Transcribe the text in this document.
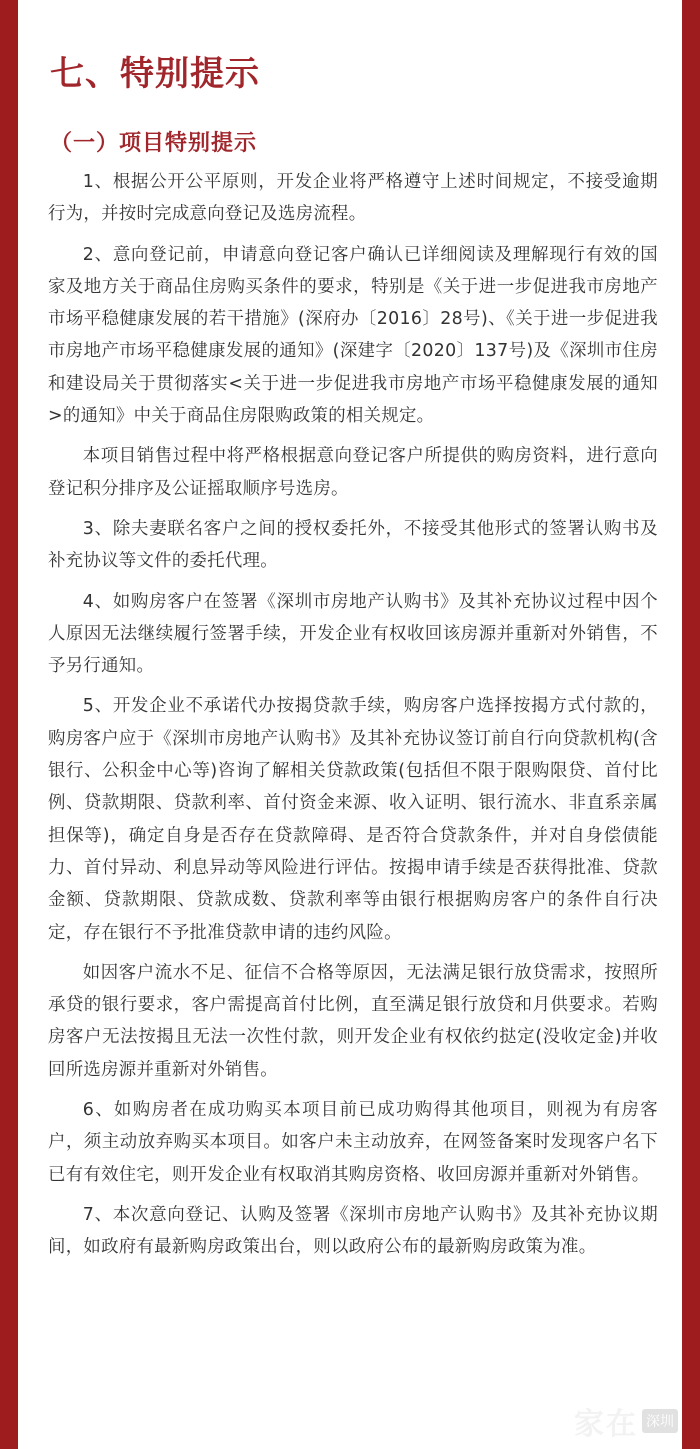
七、特别提示
（一）项目特别提示

1、根据公开公平原则，开发企业将严格遵守上述时间规定，不接受逾期行为，并按时完成意向登记及选房流程。

2、意向登记前，申请意向登记客户确认已详细阅读及理解现行有效的国家及地方关于商品住房购买条件的要求，特别是《关于进一步促进我市房地产市场平稳健康发展的若干措施》(深府办〔2016〕28号)、《关于进一步促进我市房地产市场平稳健康发展的通知》(深建字〔2020〕137号)及《深圳市住房和建设局关于贯彻落实<关于进一步促进我市房地产市场平稳健康发展的通知>的通知》中关于商品住房限购政策的相关规定。

本项目销售过程中将严格根据意向登记客户所提供的购房资料，进行意向登记积分排序及公证摇取顺序号选房。

3、除夫妻联名客户之间的授权委托外，不接受其他形式的签署认购书及补充协议等文件的委托代理。

4、如购房客户在签署《深圳市房地产认购书》及其补充协议过程中因个人原因无法继续履行签署手续，开发企业有权收回该房源并重新对外销售，不予另行通知。

5、开发企业不承诺代办按揭贷款手续，购房客户选择按揭方式付款的，购房客户应于《深圳市房地产认购书》及其补充协议签订前自行向贷款机构(含银行、公积金中心等)咨询了解相关贷款政策(包括但不限于限购限贷、首付比例、贷款期限、贷款利率、首付资金来源、收入证明、银行流水、非直系亲属担保等)，确定自身是否存在贷款障碍、是否符合贷款条件，并对自身偿债能力、首付异动、利息异动等风险进行评估。按揭申请手续是否获得批准、贷款金额、贷款期限、贷款成数、贷款利率等由银行根据购房客户的条件自行决定，存在银行不予批准贷款申请的违约风险。

如因客户流水不足、征信不合格等原因，无法满足银行放贷需求，按照所承贷的银行要求，客户需提高首付比例，直至满足银行放贷和月供要求。若购房客户无法按揭且无法一次性付款，则开发企业有权依约挞定(没收定金)并收回所选房源并重新对外销售。

6、如购房者在成功购买本项目前已成功购得其他项目，则视为有房客户，须主动放弃购买本项目。如客户未主动放弃，在网签备案时发现客户名下已有有效住宅，则开发企业有权取消其购房资格、收回房源并重新对外销售。

7、本次意向登记、认购及签署《深圳市房地产认购书》及其补充协议期间，如政府有最新购房政策出台，则以政府公布的最新购房政策为准。

家在 深圳
